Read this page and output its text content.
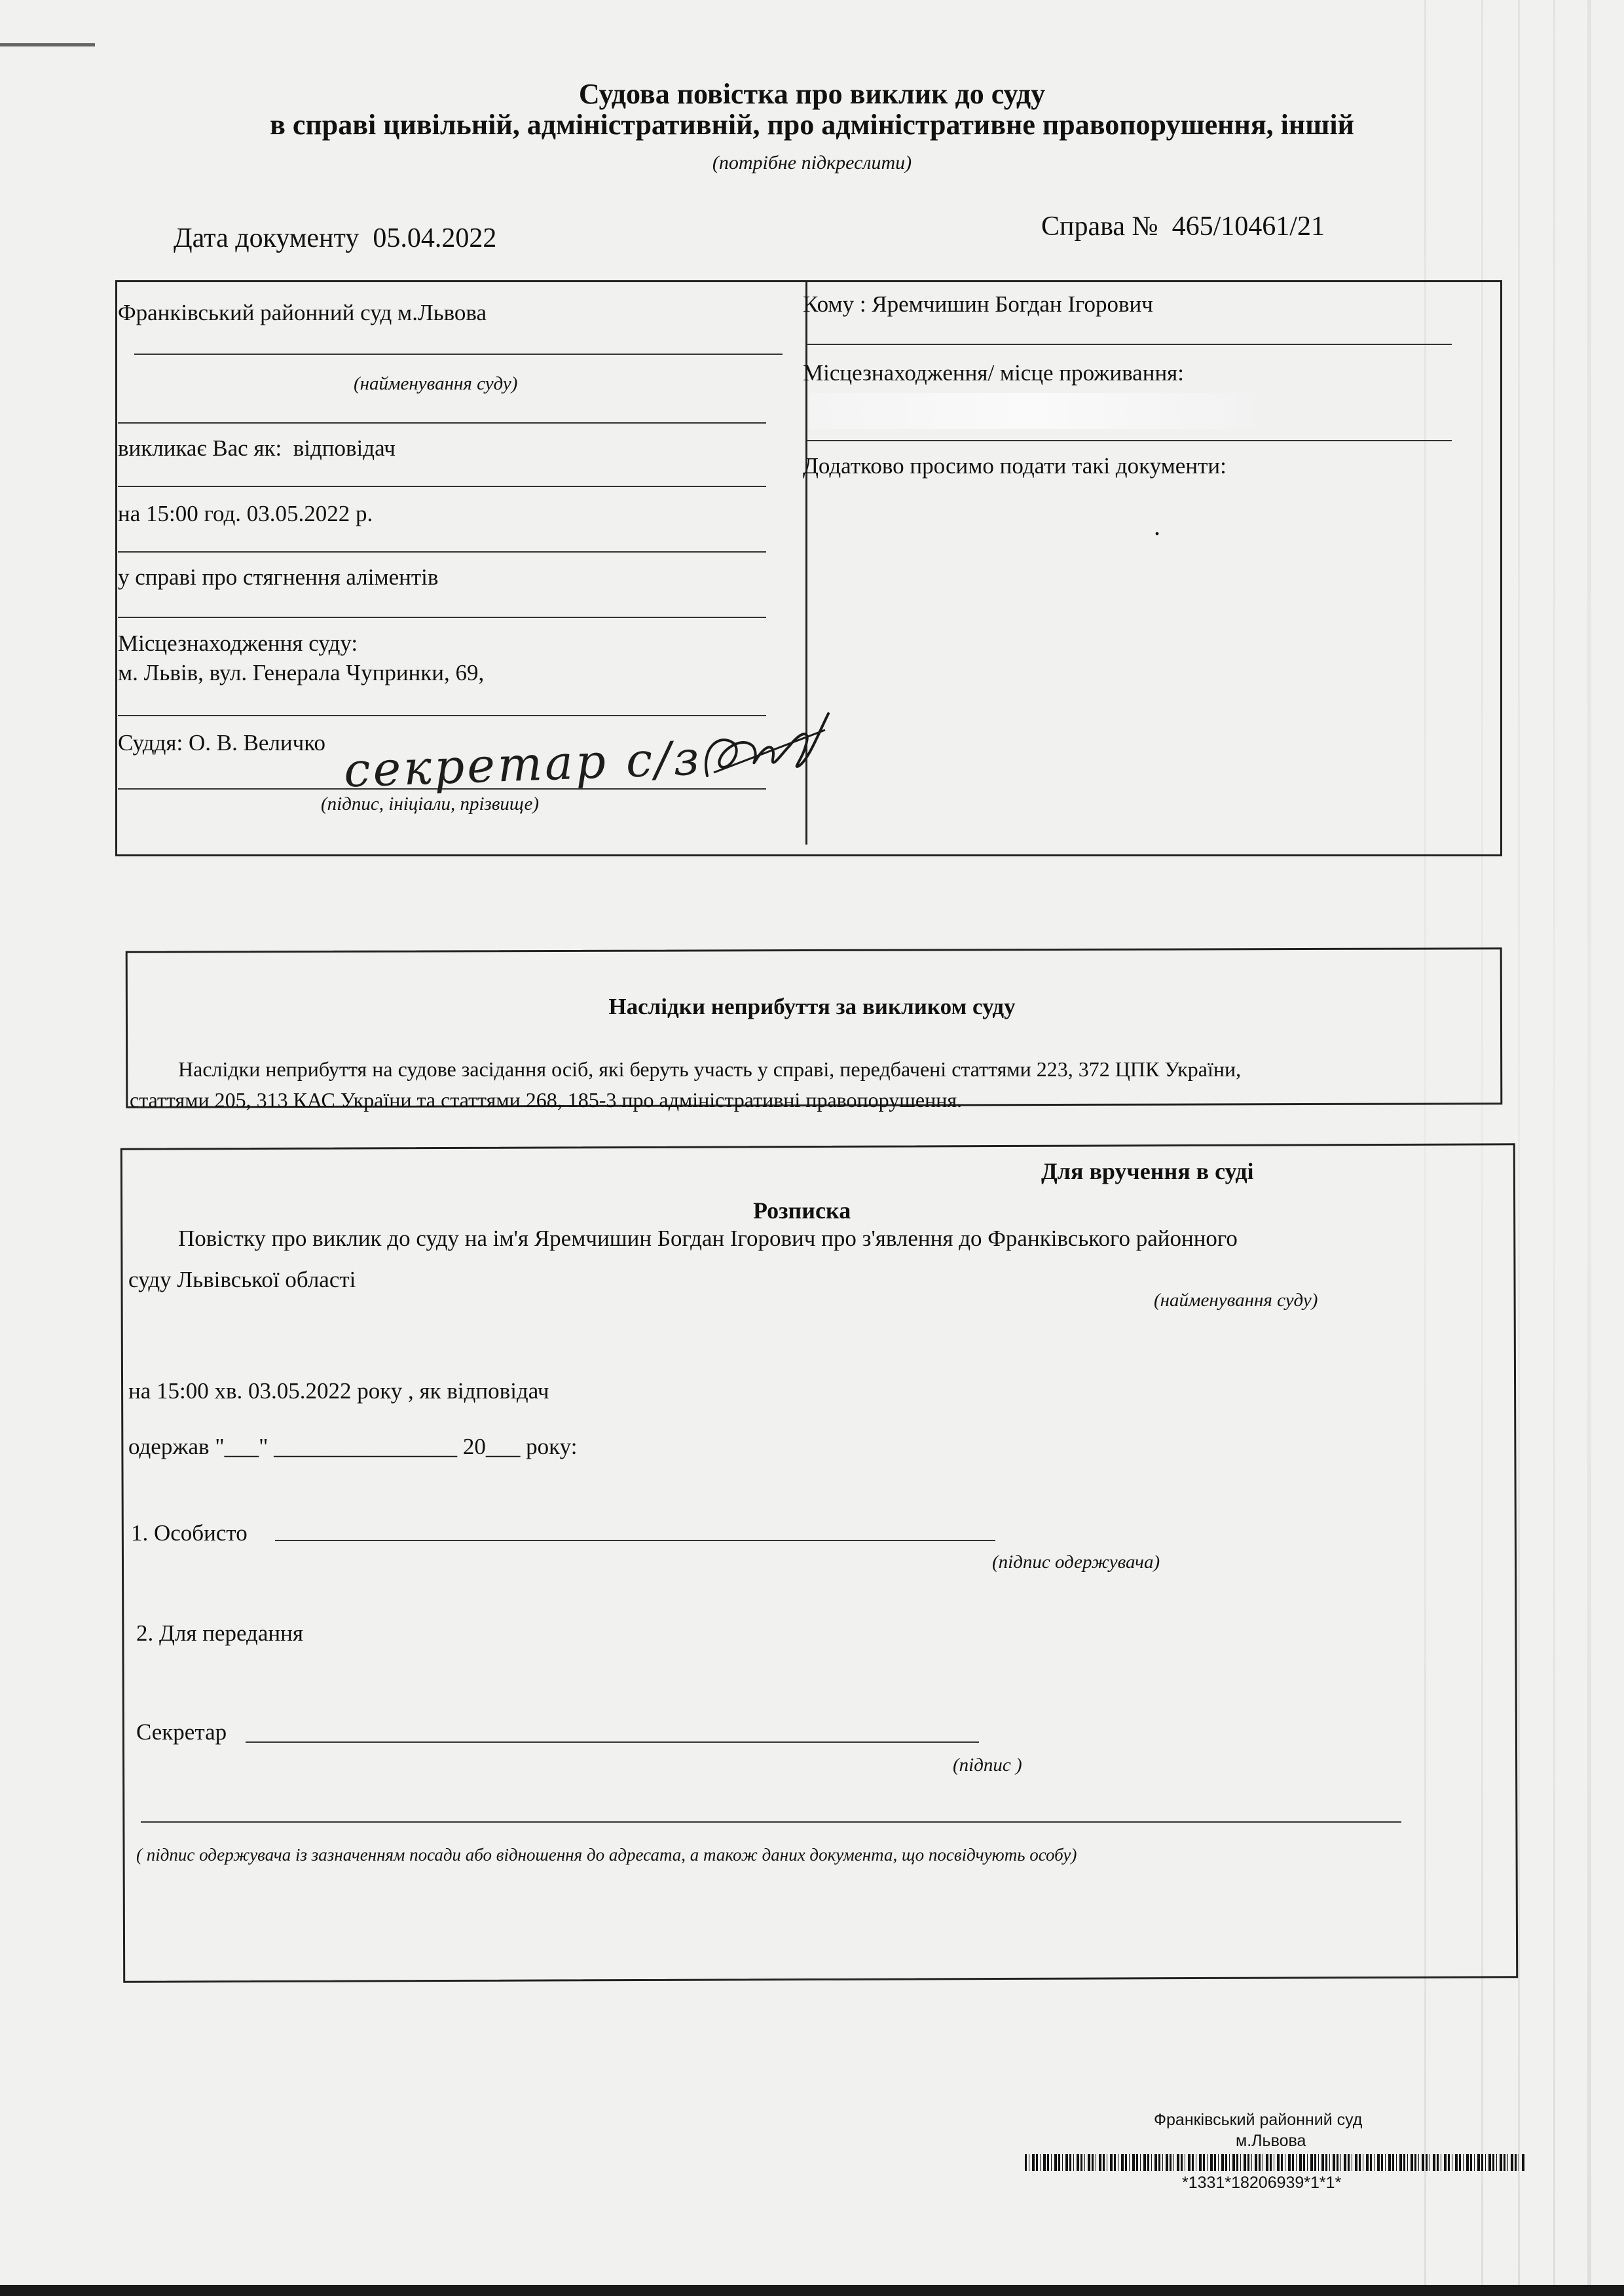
Судова повістка про виклик до суду
в справі цивільній, адміністративній, про адміністративне правопорушення, іншій
(потрібне підкреслити)
Дата документу 05.04.2022	Справа № 465/10461/21
Франківський районний суд м.Львова
(найменування суду)
викликає Вас як: відповідач
на 15:00 год. 03.05.2022 р.
у справі про стягнення аліментів
Місцезнаходження суду:
м. Львів, вул. Генерала Чупринки, 69,
Суддя: О. В. Величко
(підпис, ініціали, прізвище)
секретар с/з
Кому : Яремчишин Богдан Ігорович
Місцезнаходження/ місце проживання:
Додатково просимо подати такі документи:
.
Наслідки неприбуття за викликом суду
Наслідки неприбуття на судове засідання осіб, які беруть участь у справі, передбачені статтями 223, 372 ЦПК України,
статтями 205, 313 КАС України та статтями 268, 185-3 про адміністративні правопорушення.
Для вручення в суді
Розписка
Повістку про виклик до суду на ім'я Яремчишин Богдан Ігорович про з'явлення до Франківського районного
суду Львівської області
(найменування суду)
на 15:00 хв. 03.05.2022 року , як відповідач
одержав "___" ________________ 20___ року:
1. Особисто
(підпис одержувача)
2. Для передання
Секретар
(підпис )
( підпис одержувача із зазначенням посади або відношення до адресата, а також даних документа, що посвідчують особу)
Франківський районний суд
м.Львова
*1331*18206939*1*1*
